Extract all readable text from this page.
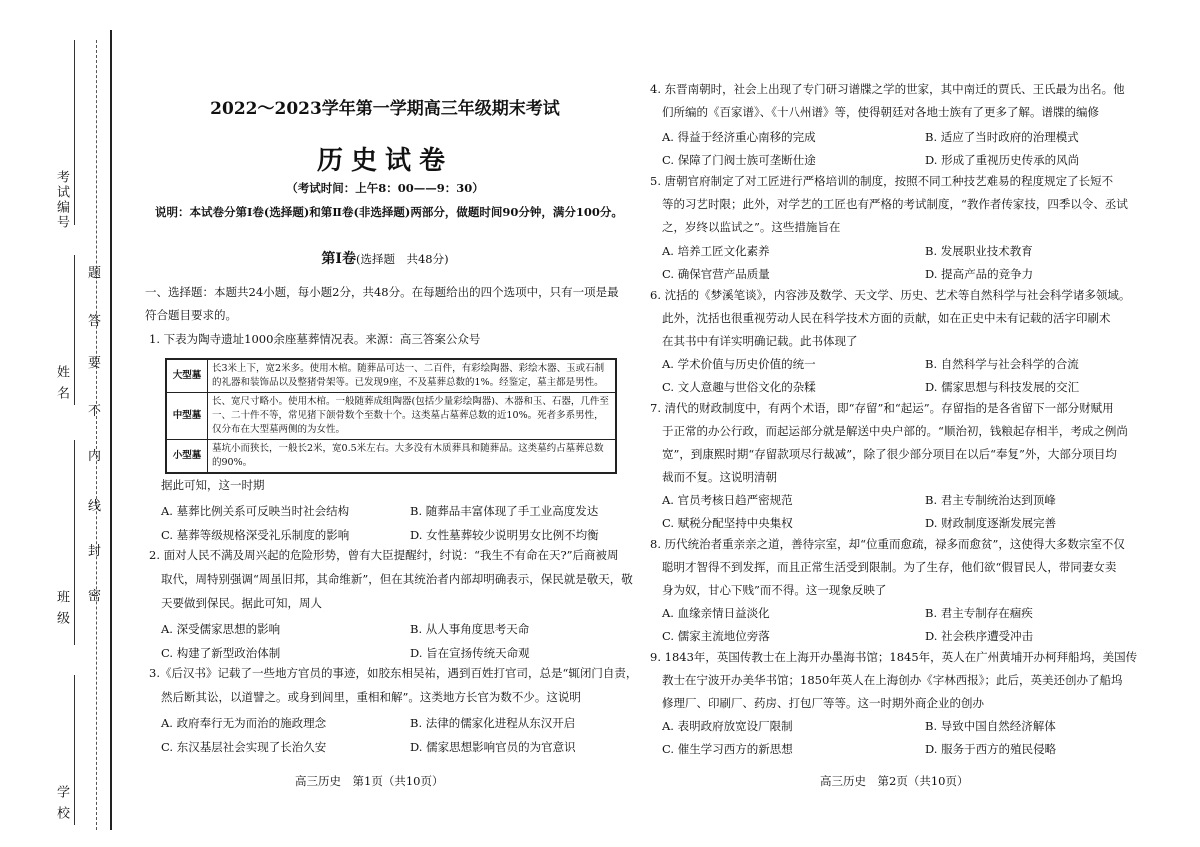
考试编号
姓 名
班 级
学 校
题
答
要
不
内
线
封
密
2022～2023学年第一学期高三年级期末考试
历史试卷
（考试时间：上午8：00——9：30）
说明：本试卷分第Ⅰ卷(选择题)和第Ⅱ卷(非选择题)两部分，做题时间90分钟，满分100分。
第Ⅰ卷(选择题　共48分)
一、选择题：本题共24小题，每小题2分，共48分。在每题给出的四个选项中，只有一项是最
符合题目要求的。
1. 下表为陶寺遗址1000余座墓葬情况表。来源：高三答案公众号
大型墓	长3米上下，宽2米多。使用木棺。随葬品可达一、二百件，有彩绘陶器、彩绘木器、玉或石制的礼器和装饰品以及整猪骨架等。已发现9座，不及墓葬总数的1%。经鉴定，墓主都是男性。
中型墓	长、宽尺寸略小。使用木棺。一般随葬成组陶器(包括少量彩绘陶器)、木器和玉、石器，几件至一、二十件不等，常见猪下颌骨数个至数十个。这类墓占墓葬总数的近10%。死者多系男性，仅分布在大型墓两侧的为女性。
小型墓	墓坑小而狭长，一般长2米，宽0.5米左右。大多没有木质葬具和随葬品。这类墓约占墓葬总数的90%。
据此可知，这一时期
A. 墓葬比例关系可反映当时社会结构	B. 随葬品丰富体现了手工业高度发达
C. 墓葬等级规格深受礼乐制度的影响	D. 女性墓葬较少说明男女比例不均衡
2. 面对人民不满及周兴起的危险形势，曾有大臣提醒纣，纣说：“我生不有命在天?”后商被周
取代，周特别强调“周虽旧邦，其命维新”，但在其统治者内部却明确表示，保民就是敬天，敬
天要做到保民。据此可知，周人
A. 深受儒家思想的影响	B. 从人事角度思考天命
C. 构建了新型政治体制	D. 旨在宣扬传统天命观
3.《后汉书》记载了一些地方官员的事迹，如胶东相吴祐，遇到百姓打官司，总是“辄闭门自责，
然后断其讼，以道譬之。或身到闾里，重相和解”。这类地方长官为数不少。这说明
A. 政府奉行无为而治的施政理念	B. 法律的儒家化进程从东汉开启
C. 东汉基层社会实现了长治久安	D. 儒家思想影响官员的为官意识
高三历史　第1页（共10页）
4. 东晋南朝时，社会上出现了专门研习谱牒之学的世家，其中南迁的贾氏、王氏最为出名。他
们所编的《百家谱》、《十八州谱》等，使得朝廷对各地士族有了更多了解。谱牒的编修
A. 得益于经济重心南移的完成	B. 适应了当时政府的治理模式
C. 保障了门阀士族可垄断仕途	D. 形成了重视历史传承的风尚
5. 唐朝官府制定了对工匠进行严格培训的制度，按照不同工种技艺难易的程度规定了长短不
等的习艺时限；此外，对学艺的工匠也有严格的考试制度，“教作者传家技，四季以令、丞试
之，岁终以监试之”。这些措施旨在
A. 培养工匠文化素养	B. 发展职业技术教育
C. 确保官营产品质量	D. 提高产品的竞争力
6. 沈括的《梦溪笔谈》，内容涉及数学、天文学、历史、艺术等自然科学与社会科学诸多领域。
此外，沈括也很重视劳动人民在科学技术方面的贡献，如在正史中未有记载的活字印刷术
在其书中有详实明确记载。此书体现了
A. 学术价值与历史价值的统一	B. 自然科学与社会科学的合流
C. 文人意趣与世俗文化的杂糅	D. 儒家思想与科技发展的交汇
7. 清代的财政制度中，有两个术语，即“存留”和“起运”。存留指的是各省留下一部分财赋用
于正常的办公行政，而起运部分就是解送中央户部的。“顺治初，钱粮起存相半，考成之例尚
宽”，到康熙时期“存留款项尽行裁减”，除了很少部分项目在以后“奉复”外，大部分项目均
裁而不复。这说明清朝
A. 官员考核日趋严密规范	B. 君主专制统治达到顶峰
C. 赋税分配坚持中央集权	D. 财政制度逐渐发展完善
8. 历代统治者重亲亲之道，善待宗室，却“位重而愈疏，禄多而愈贫”，这使得大多数宗室不仅
聪明才智得不到发挥，而且正常生活受到限制。为了生存，他们欲“假冒民人，带同妻女卖
身为奴，甘心下贱”而不得。这一现象反映了
A. 血缘亲情日益淡化	B. 君主专制存在痼疾
C. 儒家主流地位旁落	D. 社会秩序遭受冲击
9. 1843年，英国传教士在上海开办墨海书馆；1845年，英人在广州黄埔开办柯拜船坞，美国传
教士在宁波开办美华书馆；1850年英人在上海创办《字林西报》；此后，英美还创办了船坞
修理厂、印刷厂、药房、打包厂等等。这一时期外商企业的创办
A. 表明政府放宽设厂限制	B. 导致中国自然经济解体
C. 催生学习西方的新思想	D. 服务于西方的殖民侵略
高三历史　第2页（共10页）
